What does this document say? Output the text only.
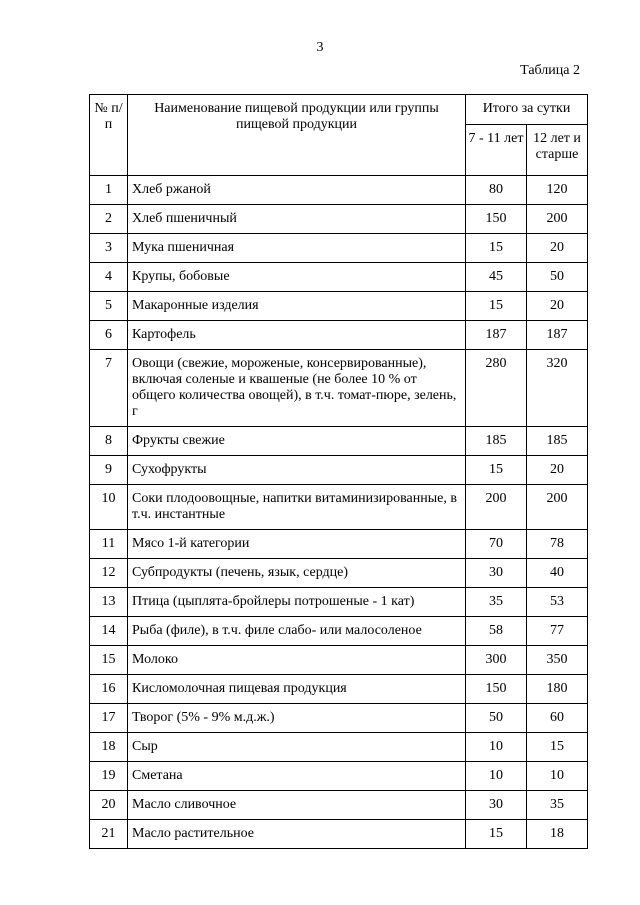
3
Таблица 2
№ п/п	Наименование пищевой продукции или группы пищевой продукции	Итого за сутки	
		7 - 11 лет	12 лет и старше
1	Хлеб ржаной	80	120
2	Хлеб пшеничный	150	200
3	Мука пшеничная	15	20
4	Крупы, бобовые	45	50
5	Макаронные изделия	15	20
6	Картофель	187	187
7	Овощи (свежие, мороженые, консервированные), включая соленые и квашеные (не более 10 % от общего количества овощей), в т.ч. томат-пюре, зелень, г	280	320
8	Фрукты свежие	185	185
9	Сухофрукты	15	20
10	Соки плодоовощные, напитки витаминизированные, в т.ч. инстантные	200	200
11	Мясо 1-й категории	70	78
12	Субпродукты (печень, язык, сердце)	30	40
13	Птица (цыплята-бройлеры потрошеные - 1 кат)	35	53
14	Рыба (филе), в т.ч. филе слабо- или малосоленое	58	77
15	Молоко	300	350
16	Кисломолочная пищевая продукция	150	180
17	Творог (5% - 9% м.д.ж.)	50	60
18	Сыр	10	15
19	Сметана	10	10
20	Масло сливочное	30	35
21	Масло растительное	15	18
